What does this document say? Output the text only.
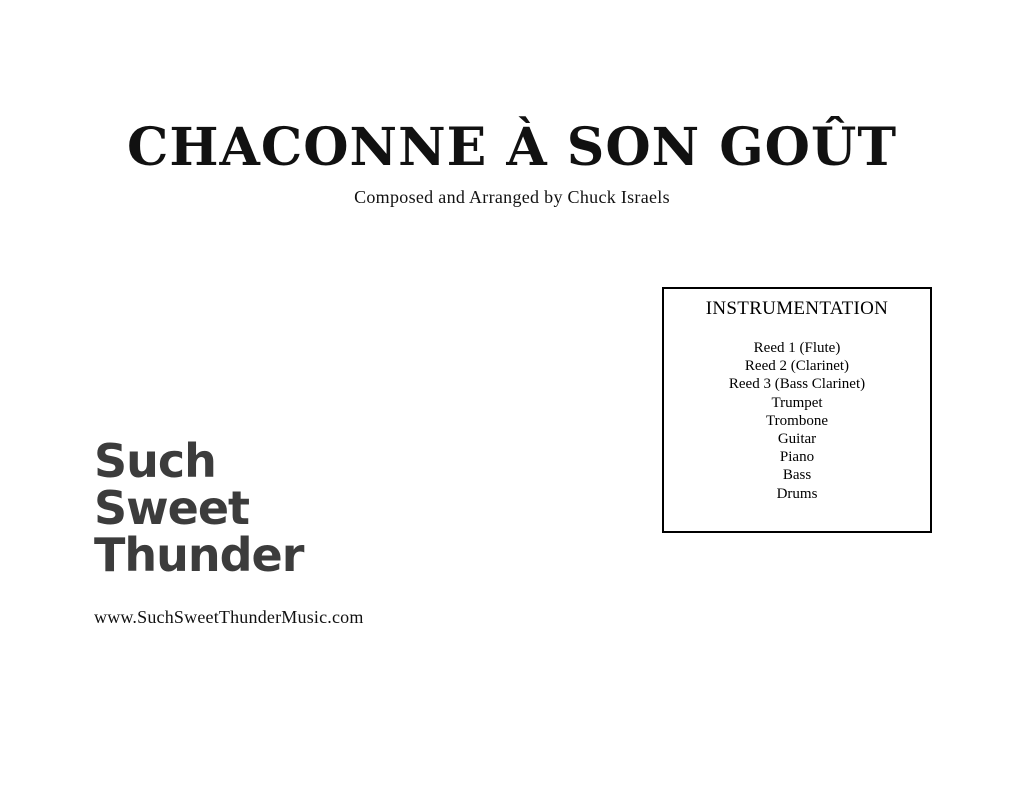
CHACONNE À SON GOÛT
Composed and Arranged by Chuck Israels
INSTRUMENTATION
Reed 1 (Flute)
Reed 2 (Clarinet)
Reed 3 (Bass Clarinet)
Trumpet
Trombone
Guitar
Piano
Bass
Drums
Such
Sweet
Thunder
www.SuchSweetThunderMusic.com
